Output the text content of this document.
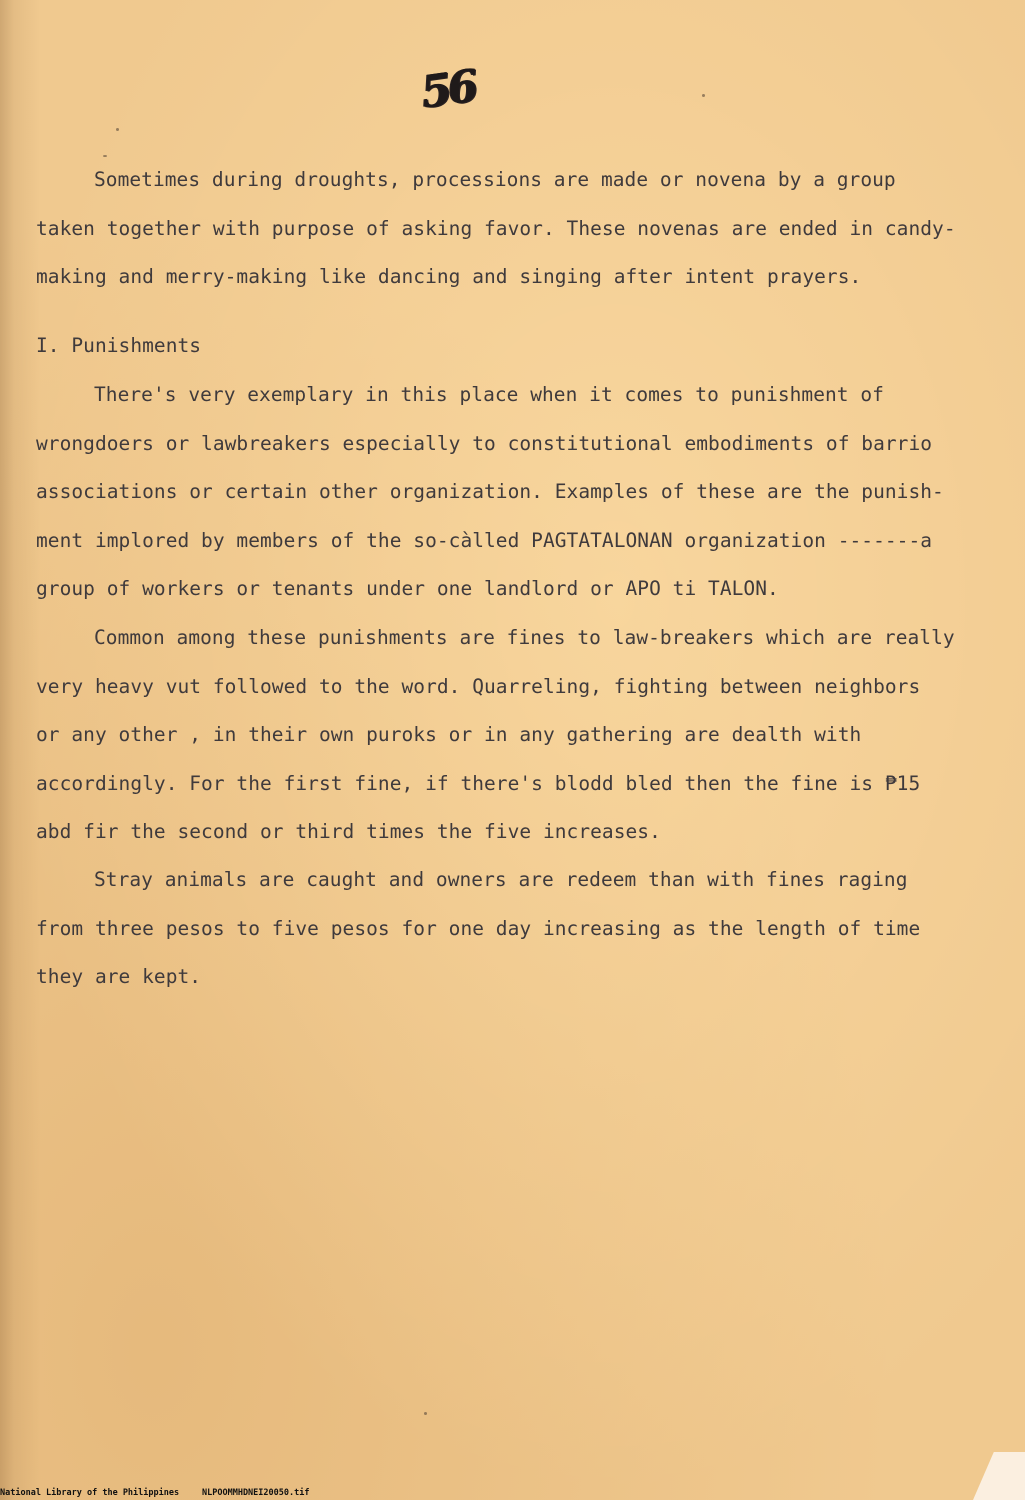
56

Sometimes during droughts, processions are made or novena by a group

taken together with purpose of asking favor. These novenas are ended in candy-

making and merry-making like dancing and singing after intent prayers.

I. Punishments

There's very exemplary in this place when it comes to punishment of

wrongdoers or lawbreakers especially to constitutional embodiments of barrio

associations or certain other organization. Examples of these are the punish-

ment implored by members of the so-càlled PAGTATALONAN organization -------a

group of workers or tenants under one landlord or APO ti TALON.

Common among these punishments are fines to law-breakers which are really

very heavy vut followed to the word. Quarreling, fighting between neighbors

or any other , in their own puroks or in any gathering are dealth with

accordingly. For the first fine, if there's blodd bled then the fine is ₱15

abd fir the second or third times the five increases.

Stray animals are caught and owners are redeem than with fines raging

from three pesos to five pesos for one day increasing as the length of time

they are kept.

National Library of the Philippines	NLPOOMMHDNEI20050.tif
